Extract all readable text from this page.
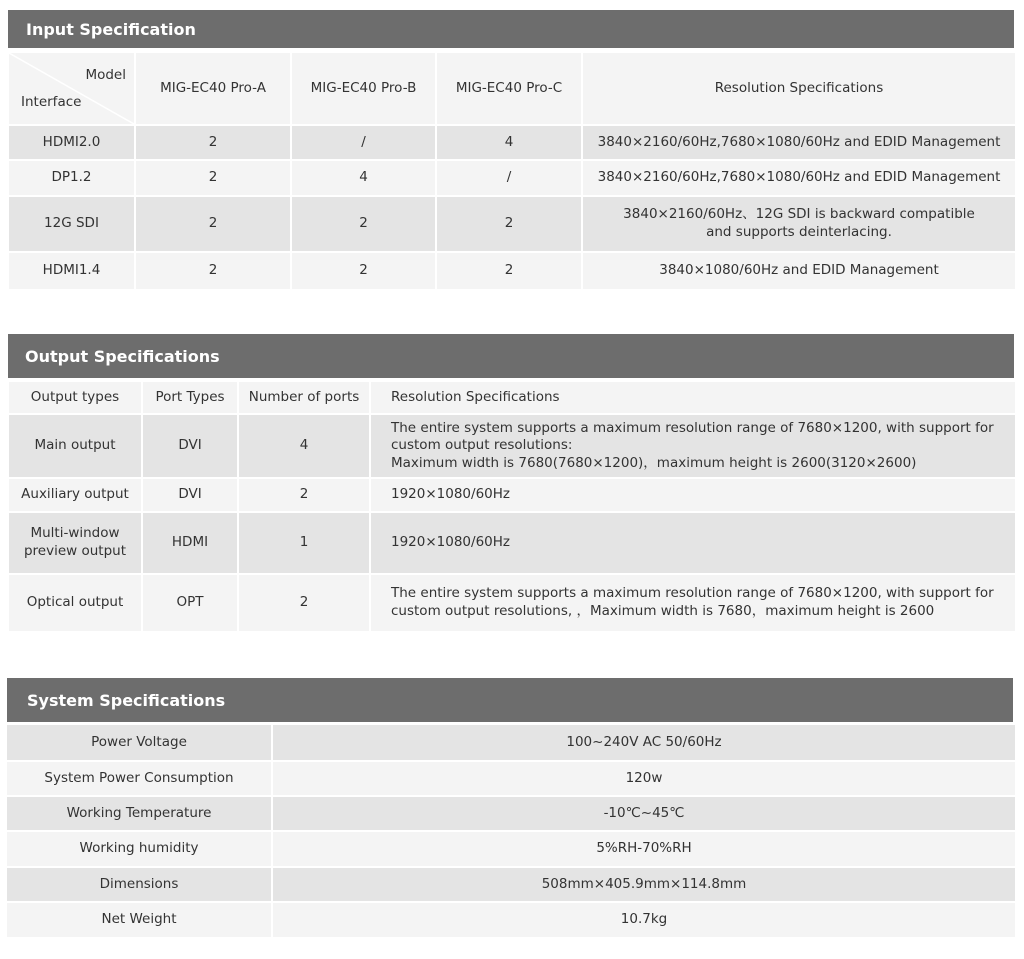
Input Specification
Model
Interface	MIG-EC40 Pro-A	MIG-EC40 Pro-B	MIG-EC40 Pro-C	Resolution Specifications
HDMI2.0	2	/	4	3840×2160/60Hz,7680×1080/60Hz and EDID Management

DP1.2	2	4	/	3840×2160/60Hz,7680×1080/60Hz and EDID Management

12G SDI	2	2	2	3840×2160/60Hz、12G SDI is backward compatible
and supports deinterlacing.

HDMI1.4	2	2	2	3840×1080/60Hz and EDID Management
Output Specifications
Output types	Port Types	Number of ports	Resolution Specifications

Main output	DVI	4	The entire system supports a maximum resolution range of 7680×1200, with support for
custom output resolutions:
Maximum width is 7680(7680×1200)，maximum height is 2600(3120×2600)

Auxiliary output	DVI	2	1920×1080/60Hz

Multi-window
preview output	HDMI	1	1920×1080/60Hz

Optical output	OPT	2	The entire system supports a maximum resolution range of 7680×1200, with support for
custom output resolutions, ，Maximum width is 7680，maximum height is 2600
System Specifications
Power Voltage	100~240V AC 50/60Hz
System Power Consumption	120w
Working Temperature	-10℃~45℃
Working humidity	5%RH-70%RH
Dimensions	508mm×405.9mm×114.8mm
Net Weight	10.7kg
